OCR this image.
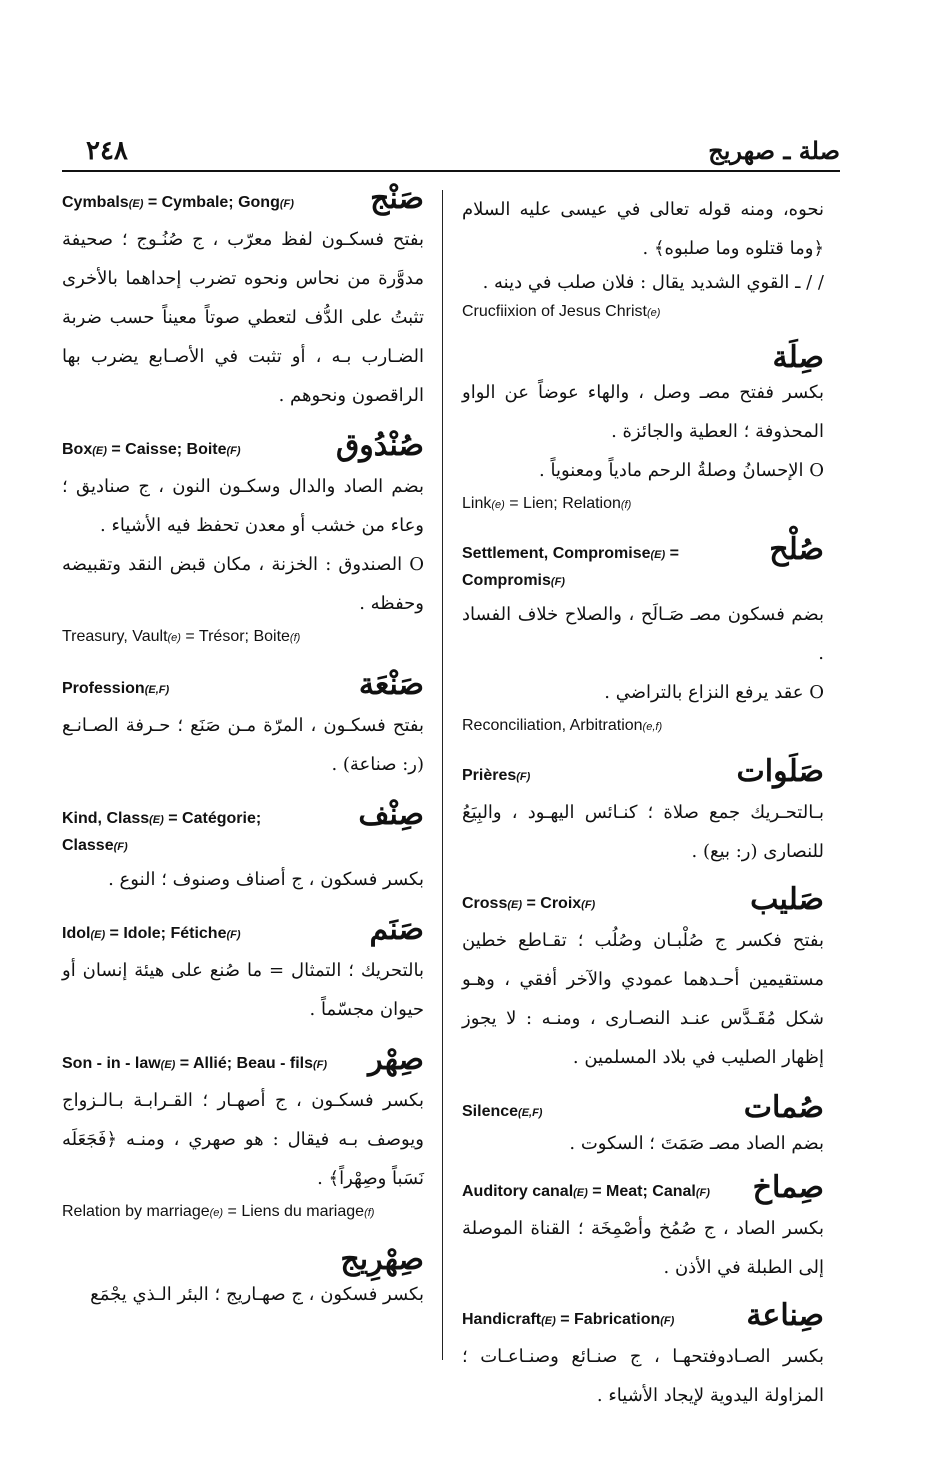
٢٤٨	صلة ـ صهريج
نحوه، ومنه قوله تعالى في عيسى عليه السلام ﴿وما قتلوه وما صلبوه﴾ .
/ / ـ القوي الشديد يقال : فلان صلب في دينه .
Crucfiixion of Jesus Christ(e)
صِلَة
بكسر ففتح مصـ وصل ، والهاء عوضاً عن الواو المحذوفة ؛ العطية والجائزة .
O الإحسانُ وصلةُ الرحم مادياً ومعنوياً .
Link(e) = Lien; Relation(f)
صُلْح
Settlement, Compromise(E) = Compromis(F)
بضم فسكون مصـ صَـالَح ، والصلاح خلاف الفساد .
O عقد يرفع النزاع بالتراضي .
Reconciliation, Arbitration(e,f)
صَلَوات
Prières(F)
بـالتحـريك جمع صلاة ؛ كنـائس اليهـود ، والبِيَعُ للنصارى (ر: بيع) .
صَليب
Cross(E) = Croix(F)
بفتح فكسر ج صُلْبـان وصُلُب ؛ تقـاطع خطين مستقيمين أحـدهما عمودي والآخر أفقي ، وهـو شكل مُقَـدَّس عنـد النصـارى ، ومنـه : لا يجوز إظهار الصليب في بلاد المسلمين .
صُمات
Silence(E,F)
بضم الصاد مصـ صَمَتَ ؛ السكوت .
صِماخ
Auditory canal(E) = Meat; Canal(F)
بكسر الصاد ، ج صُمُخ وأصْمِخَة ؛ القناة الموصلة إلى الطبلة في الأذن .
صِناعة
Handicraft(E) = Fabrication(F)
بكسر الصـادوفتحهـا ، ج صنـائع وصنـاعـات ؛ المزاولة اليدوية لإيجاد الأشياء .
صَنْج
Cymbals(E) = Cymbale; Gong(F)
بفتح فسكـون لفظ معرّب ، ج صُنُـوج ؛ صحيفة مدوَّرة من نحاس ونحوه تضرب إحداهما بالأخرى تثبتُ على الدُّف لتعطي صوتاً معيناً حسب ضربة الضـارب بـه ، أو تثبت في الأصـابع يضرب بها الراقصون ونحوهم .
صُنْدُوق
Box(E) = Caisse; Boite(F)
بضم الصاد والدال وسكـون النون ، ج صناديق ؛ وعاء من خشب أو معدن تحفظ فيه الأشياء .
O الصندوق : الخزنة ، مكان قبض النقد وتقبيضه وحفظه .
Treasury, Vault(e) = Trésor; Boite(f)
صَنْعَة
Profession(E,F)
بفتح فسكـون ، المرّة مـن صَنَع ؛ حـرفة الصـانـع (ر: صناعة) .
صِنْف
Kind, Class(E) = Catégorie; Classe(F)
بكسر فسكون ، ج أصناف وصنوف ؛ النوع .
صَنَم
Idol(E) = Idole; Fétiche(F)
بالتحريك ؛ التمثال = ما صُنع على هيئة إنسان أو حيوان مجسّماً .
صِهْر
Son - in - law(E) = Allié; Beau - fils(F)
بكسر فسكـون ، ج أصهـار ؛ القـرابـة بـالـزواج ويوصف بـه فيقال : هو صهري ، ومنـه ﴿فَجَعَلَه نَسَباً وصِهْراً﴾ .
Relation by marriage(e) = Liens du mariage(f)
صِهْرِيج
بكسر فسكون ، ج صهـاريج ؛ البئر الـذي يجْمَع
